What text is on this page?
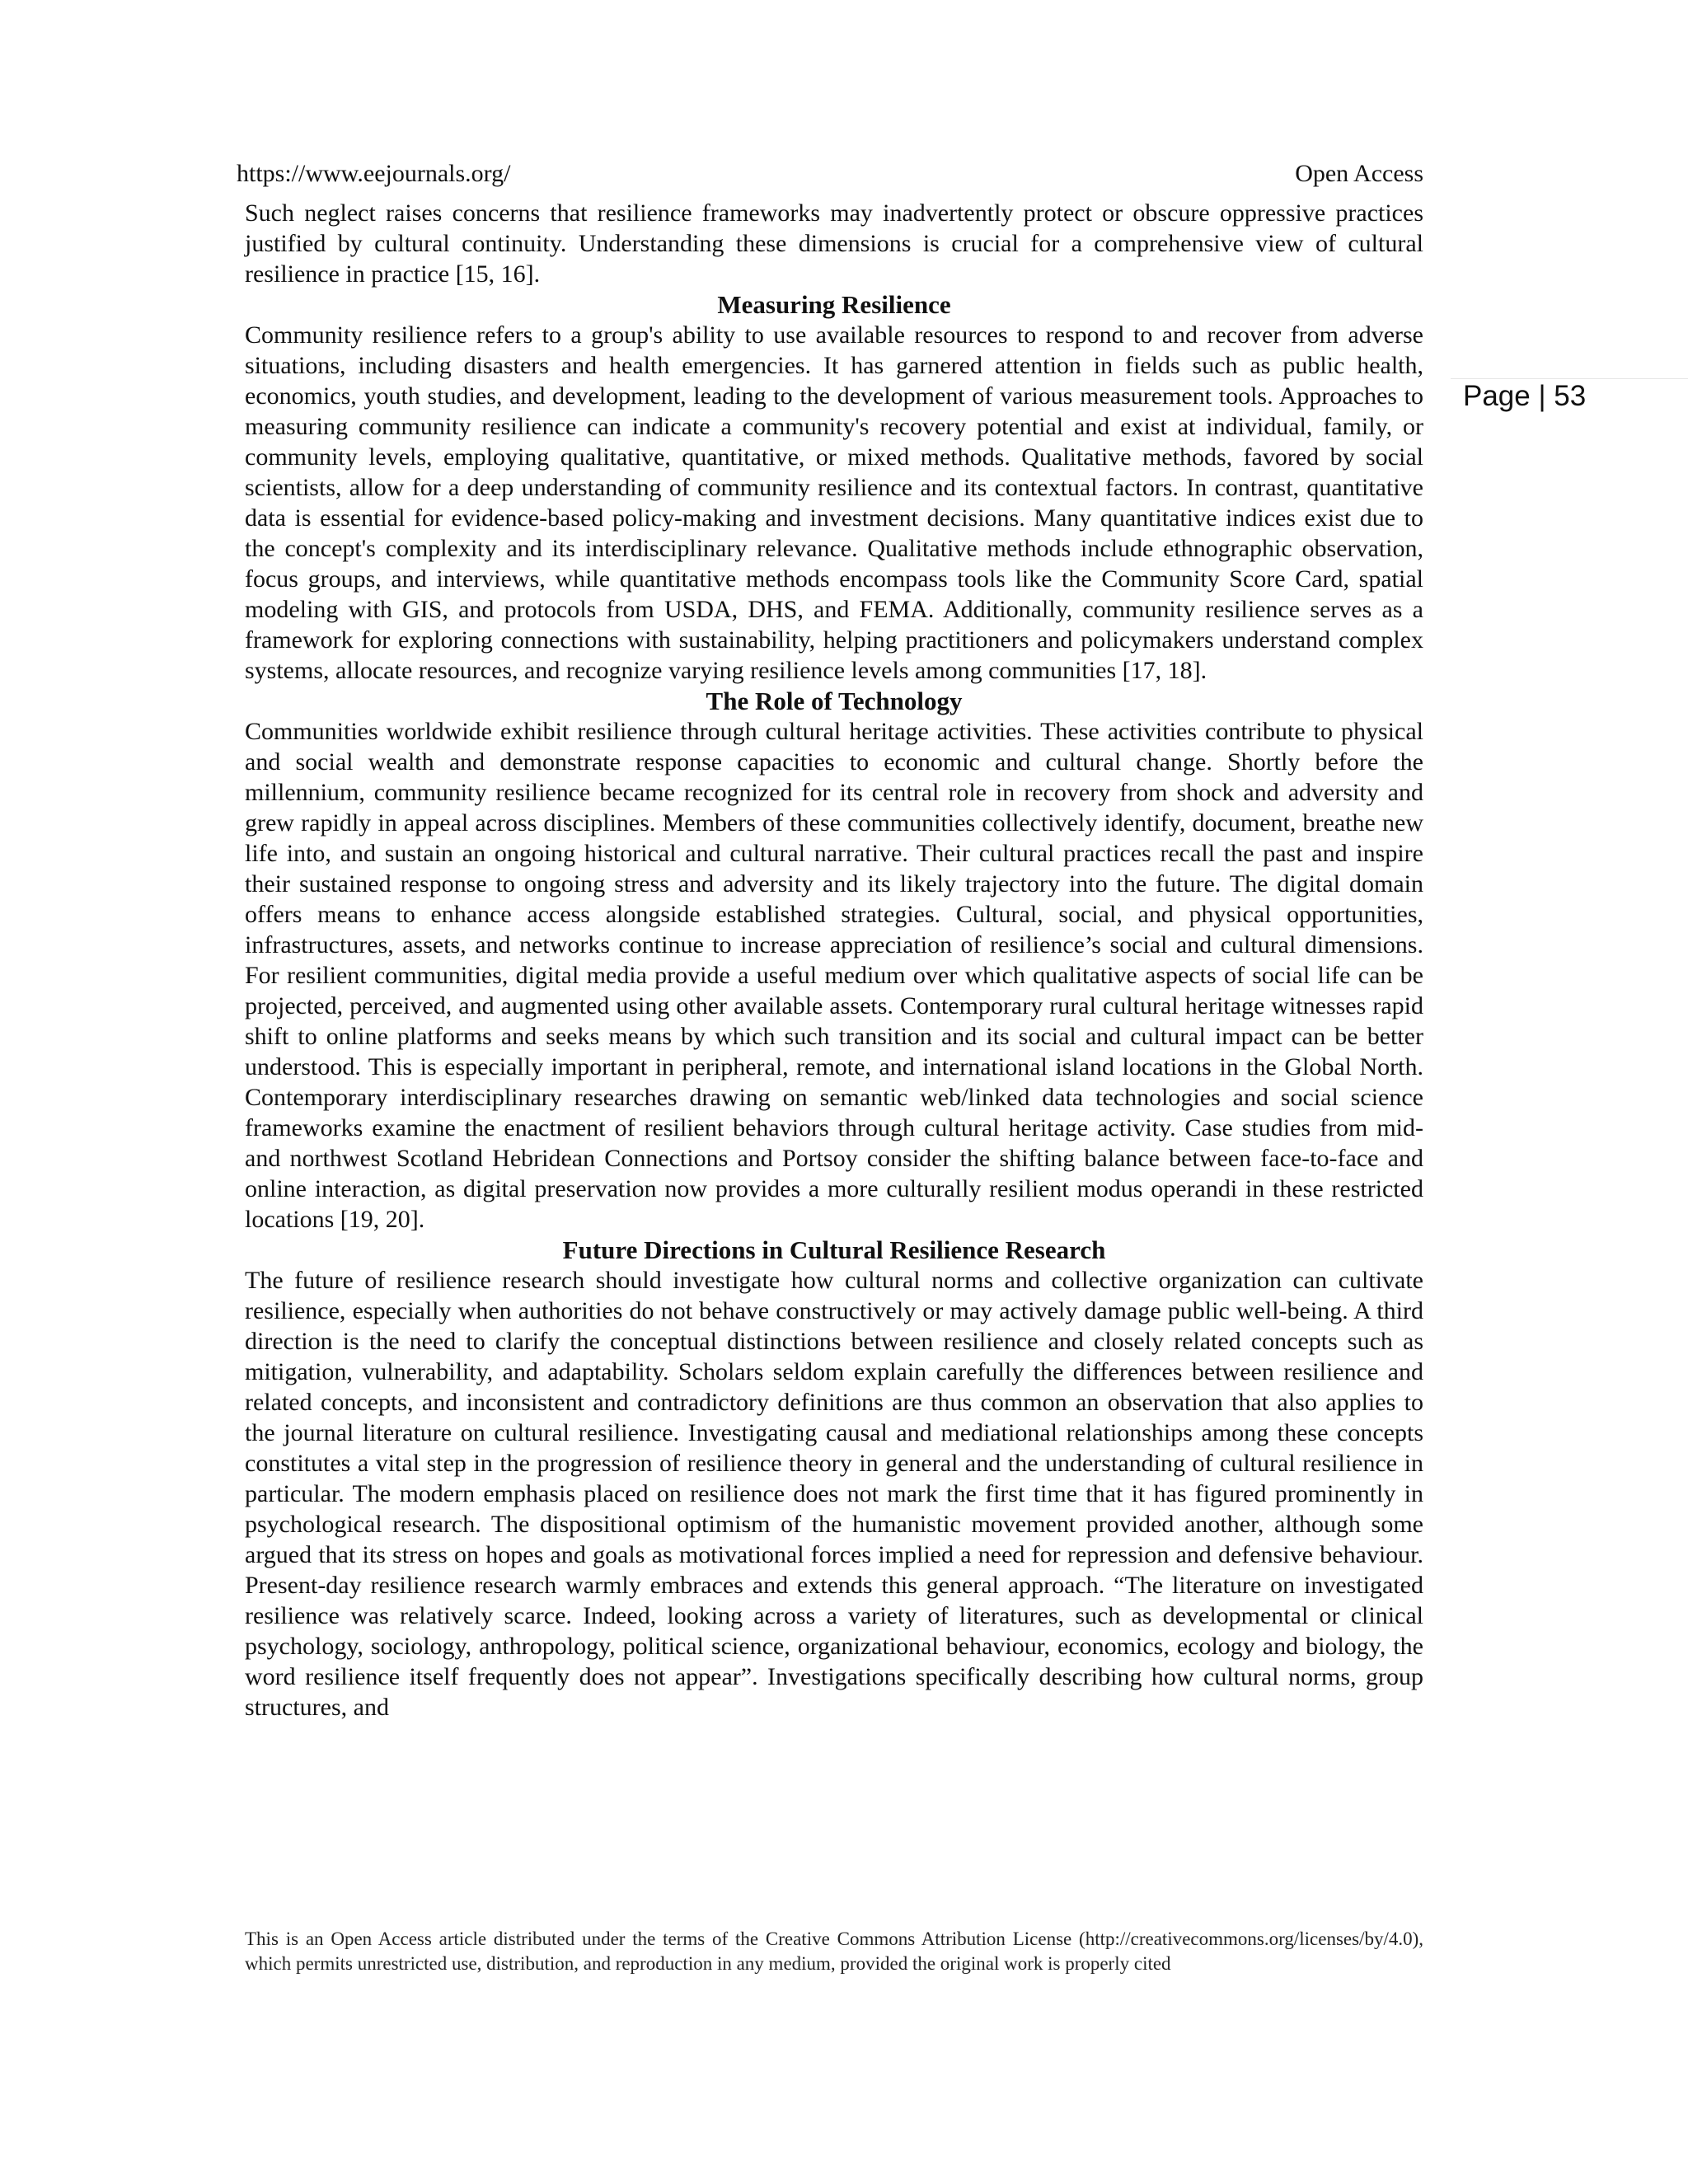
https://www.eejournals.org/	Open Access
Page | 53

Such neglect raises concerns that resilience frameworks may inadvertently protect or obscure oppressive practices justified by cultural continuity. Understanding these dimensions is crucial for a comprehensive view of cultural resilience in practice [15, 16].

Measuring Resilience

Community resilience refers to a group's ability to use available resources to respond to and recover from adverse situations, including disasters and health emergencies. It has garnered attention in fields such as public health, economics, youth studies, and development, leading to the development of various measurement tools. Approaches to measuring community resilience can indicate a community's recovery potential and exist at individual, family, or community levels, employing qualitative, quantitative, or mixed methods. Qualitative methods, favored by social scientists, allow for a deep understanding of community resilience and its contextual factors. In contrast, quantitative data is essential for evidence-based policy-making and investment decisions. Many quantitative indices exist due to the concept's complexity and its interdisciplinary relevance. Qualitative methods include ethnographic observation, focus groups, and interviews, while quantitative methods encompass tools like the Community Score Card, spatial modeling with GIS, and protocols from USDA, DHS, and FEMA. Additionally, community resilience serves as a framework for exploring connections with sustainability, helping practitioners and policymakers understand complex systems, allocate resources, and recognize varying resilience levels among communities [17, 18].

The Role of Technology

Communities worldwide exhibit resilience through cultural heritage activities. These activities contribute to physical and social wealth and demonstrate response capacities to economic and cultural change. Shortly before the millennium, community resilience became recognized for its central role in recovery from shock and adversity and grew rapidly in appeal across disciplines. Members of these communities collectively identify, document, breathe new life into, and sustain an ongoing historical and cultural narrative. Their cultural practices recall the past and inspire their sustained response to ongoing stress and adversity and its likely trajectory into the future. The digital domain offers means to enhance access alongside established strategies. Cultural, social, and physical opportunities, infrastructures, assets, and networks continue to increase appreciation of resilience’s social and cultural dimensions. For resilient communities, digital media provide a useful medium over which qualitative aspects of social life can be projected, perceived, and augmented using other available assets. Contemporary rural cultural heritage witnesses rapid shift to online platforms and seeks means by which such transition and its social and cultural impact can be better understood. This is especially important in peripheral, remote, and international island locations in the Global North. Contemporary interdisciplinary researches drawing on semantic web/linked data technologies and social science frameworks examine the enactment of resilient behaviors through cultural heritage activity. Case studies from mid- and northwest Scotland Hebridean Connections and Portsoy consider the shifting balance between face-to-face and online interaction, as digital preservation now provides a more culturally resilient modus operandi in these restricted locations [19, 20].

Future Directions in Cultural Resilience Research

The future of resilience research should investigate how cultural norms and collective organization can cultivate resilience, especially when authorities do not behave constructively or may actively damage public well-being. A third direction is the need to clarify the conceptual distinctions between resilience and closely related concepts such as mitigation, vulnerability, and adaptability. Scholars seldom explain carefully the differences between resilience and related concepts, and inconsistent and contradictory definitions are thus common an observation that also applies to the journal literature on cultural resilience. Investigating causal and mediational relationships among these concepts constitutes a vital step in the progression of resilience theory in general and the understanding of cultural resilience in particular. The modern emphasis placed on resilience does not mark the first time that it has figured prominently in psychological research. The dispositional optimism of the humanistic movement provided another, although some argued that its stress on hopes and goals as motivational forces implied a need for repression and defensive behaviour. Present-day resilience research warmly embraces and extends this general approach. “The literature on investigated resilience was relatively scarce. Indeed, looking across a variety of literatures, such as developmental or clinical psychology, sociology, anthropology, political science, organizational behaviour, economics, ecology and biology, the word resilience itself frequently does not appear”. Investigations specifically describing how cultural norms, group structures, and

This is an Open Access article distributed under the terms of the Creative Commons Attribution License (http://creativecommons.org/licenses/by/4.0), which permits unrestricted use, distribution, and reproduction in any medium, provided the original work is properly cited
